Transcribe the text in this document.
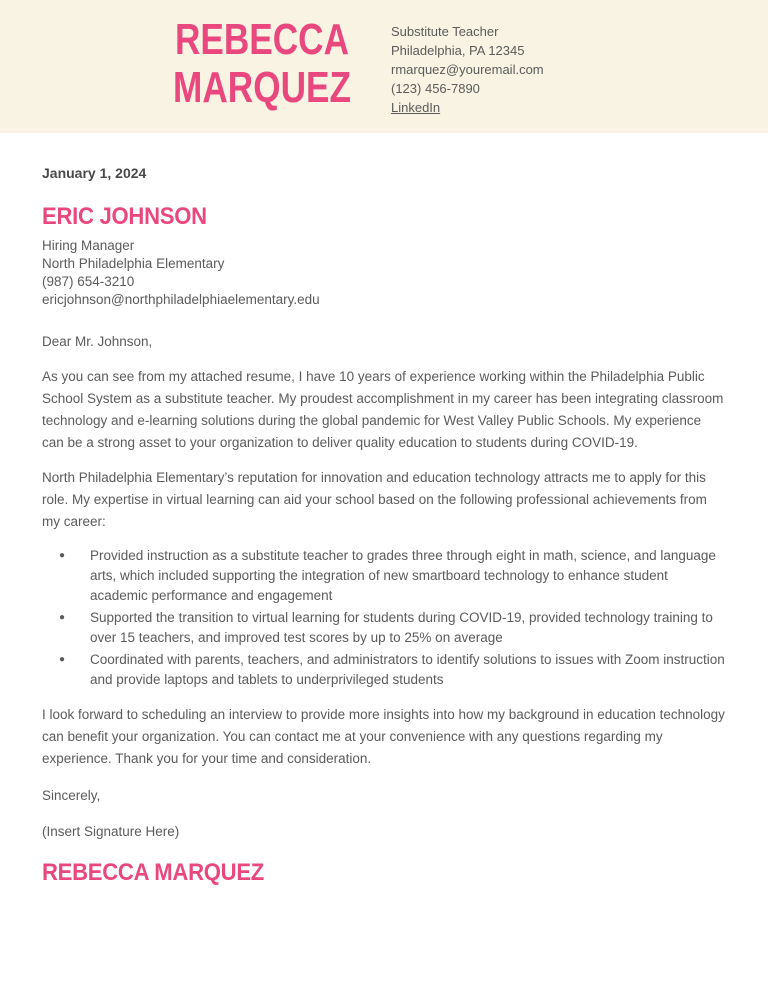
REBECCA
MARQUEZ
Substitute Teacher
Philadelphia, PA 12345
rmarquez@youremail.com
(123) 456-7890
LinkedIn
January 1, 2024
ERIC JOHNSON
Hiring Manager
North Philadelphia Elementary
(987) 654-3210
ericjohnson@northphiladelphiaelementary.edu
Dear Mr. Johnson,

As you can see from my attached resume, I have 10 years of experience working within the Philadelphia Public School System as a substitute teacher. My proudest accomplishment in my career has been integrating classroom technology and e-learning solutions during the global pandemic for West Valley Public Schools. My experience can be a strong asset to your organization to deliver quality education to students during COVID-19.

North Philadelphia Elementary’s reputation for innovation and education technology attracts me to apply for this role. My expertise in virtual learning can aid your school based on the following professional achievements from my career:

● Provided instruction as a substitute teacher to grades three through eight in math, science, and language arts, which included supporting the integration of new smartboard technology to enhance student academic performance and engagement
● Supported the transition to virtual learning for students during COVID-19, provided technology training to over 15 teachers, and improved test scores by up to 25% on average
● Coordinated with parents, teachers, and administrators to identify solutions to issues with Zoom instruction and provide laptops and tablets to underprivileged students

I look forward to scheduling an interview to provide more insights into how my background in education technology can benefit your organization. You can contact me at your convenience with any questions regarding my experience. Thank you for your time and consideration.

Sincerely,
(Insert Signature Here)
REBECCA MARQUEZ
